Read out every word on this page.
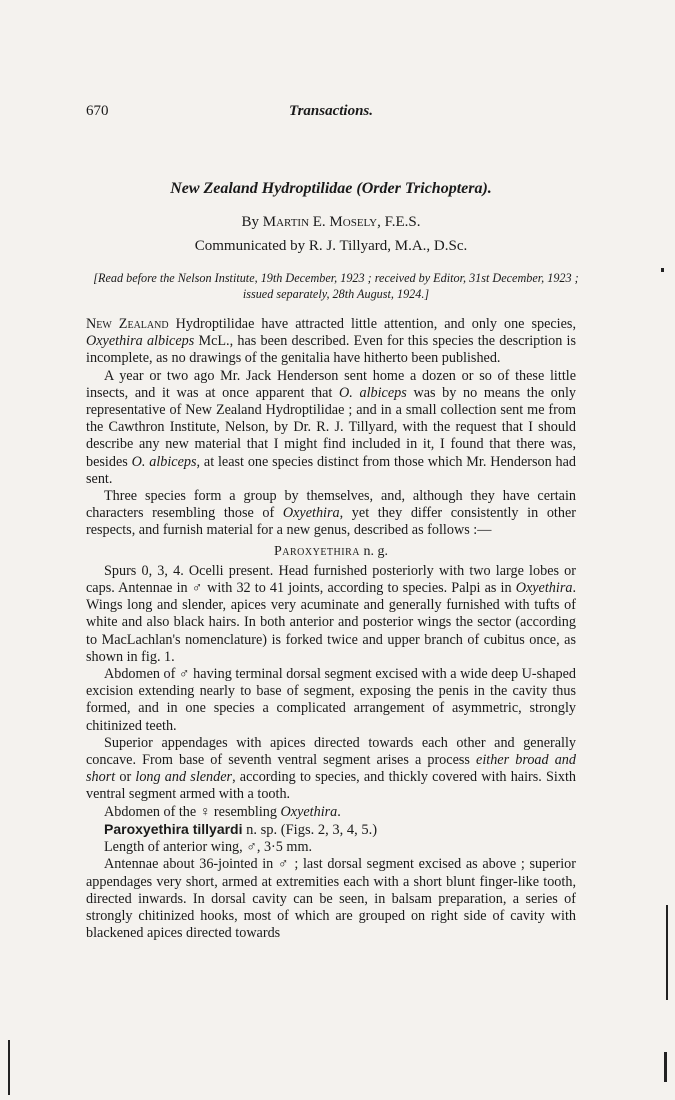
670	Transactions.
New Zealand Hydroptilidae (Order Trichoptera).
By Martin E. Mosely, F.E.S.
Communicated by R. J. Tillyard, M.A., D.Sc.
[Read before the Nelson Institute, 19th December, 1923 ; received by Editor, 31st December, 1923 ; issued separately, 28th August, 1924.]

New Zealand Hydroptilidae have attracted little attention, and only one species, Oxyethira albiceps McL., has been described. Even for this species the description is incomplete, as no drawings of the genitalia have hitherto been published.

A year or two ago Mr. Jack Henderson sent home a dozen or so of these little insects, and it was at once apparent that O. albiceps was by no means the only representative of New Zealand Hydroptilidae ; and in a small collection sent me from the Cawthron Institute, Nelson, by Dr. R. J. Tillyard, with the request that I should describe any new material that I might find included in it, I found that there was, besides O. albiceps, at least one species distinct from those which Mr. Henderson had sent.

Three species form a group by themselves, and, although they have certain characters resembling those of Oxyethira, yet they differ consistently in other respects, and furnish material for a new genus, described as follows :—

Paroxyethira n. g.

Spurs 0, 3, 4. Ocelli present. Head furnished posteriorly with two large lobes or caps. Antennae in ♂ with 32 to 41 joints, according to species. Palpi as in Oxyethira. Wings long and slender, apices very acuminate and generally furnished with tufts of white and also black hairs. In both anterior and posterior wings the sector (according to MacLachlan's nomenclature) is forked twice and upper branch of cubitus once, as shown in fig. 1.

Abdomen of ♂ having terminal dorsal segment excised with a wide deep U-shaped excision extending nearly to base of segment, exposing the penis in the cavity thus formed, and in one species a complicated arrangement of asymmetric, strongly chitinized teeth.

Superior appendages with apices directed towards each other and generally concave. From base of seventh ventral segment arises a process either broad and short or long and slender, according to species, and thickly covered with hairs. Sixth ventral segment armed with a tooth.

Abdomen of the ♀ resembling Oxyethira.

Paroxyethira tillyardi n. sp. (Figs. 2, 3, 4, 5.)

Length of anterior wing, ♂, 3·5 mm.

Antennae about 36-jointed in ♂ ; last dorsal segment excised as above ; superior appendages very short, armed at extremities each with a short blunt finger-like tooth, directed inwards. In dorsal cavity can be seen, in balsam preparation, a series of strongly chitinized hooks, most of which are grouped on right side of cavity with blackened apices directed towards
